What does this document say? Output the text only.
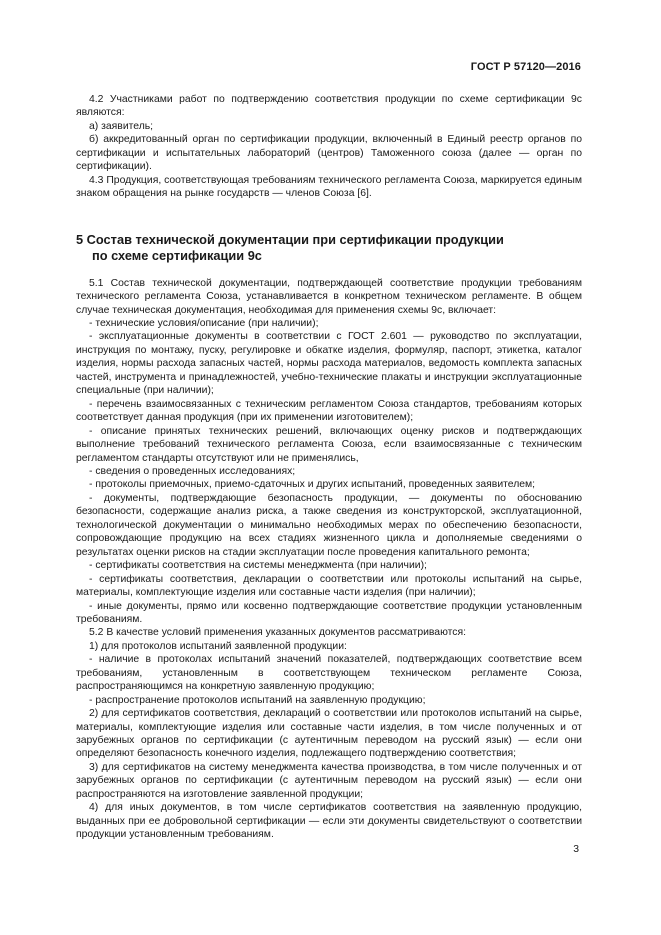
ГОСТ Р 57120—2016

4.2 Участниками работ по подтверждению соответствия продукции по схеме сертификации 9с являются:

а) заявитель;

б) аккредитованный орган по сертификации продукции, включенный в Единый реестр органов по сертификации и испытательных лабораторий (центров) Таможенного союза (далее — орган по сертификации).

4.3 Продукция, соответствующая требованиям технического регламента Союза, маркируется единым знаком обращения на рынке государств — членов Союза [6].

5 Состав технической документации при сертификации продукции
по схеме сертификации 9с

5.1 Состав технической документации, подтверждающей соответствие продукции требованиям технического регламента Союза, устанавливается в конкретном техническом регламенте. В общем случае техническая документация, необходимая для применения схемы 9с, включает:

- технические условия/описание (при наличии);

- эксплуатационные документы в соответствии с ГОСТ 2.601 — руководство по эксплуатации, инструкция по монтажу, пуску, регулировке и обкатке изделия, формуляр, паспорт, этикетка, каталог изделия, нормы расхода запасных частей, нормы расхода материалов, ведомость комплекта запасных частей, инструмента и принадлежностей, учебно-технические плакаты и инструкции эксплуатационные специальные (при наличии);

- перечень взаимосвязанных с техническим регламентом Союза стандартов, требованиям которых соответствует данная продукция (при их применении изготовителем);

- описание принятых технических решений, включающих оценку рисков и подтверждающих выполнение требований технического регламента Союза, если взаимосвязанные с техническим регламентом стандарты отсутствуют или не применялись,

- сведения о проведенных исследованиях;

- протоколы приемочных, приемо-сдаточных и других испытаний, проведенных заявителем;

- документы, подтверждающие безопасность продукции, — документы по обоснованию безопасности, содержащие анализ риска, а также сведения из конструкторской, эксплуатационной, технологической документации о минимально необходимых мерах по обеспечению безопасности, сопровождающие продукцию на всех стадиях жизненного цикла и дополняемые сведениями о результатах оценки рисков на стадии эксплуатации после проведения капитального ремонта;

- сертификаты соответствия на системы менеджмента (при наличии);

- сертификаты соответствия, декларации о соответствии или протоколы испытаний на сырье, материалы, комплектующие изделия или составные части изделия (при наличии);

- иные документы, прямо или косвенно подтверждающие соответствие продукции установленным требованиям.

5.2 В качестве условий применения указанных документов рассматриваются:

1) для протоколов испытаний заявленной продукции:

- наличие в протоколах испытаний значений показателей, подтверждающих соответствие всем требованиям, установленным в соответствующем техническом регламенте Союза, распространяющимся на конкретную заявленную продукцию;

- распространение протоколов испытаний на заявленную продукцию;

2) для сертификатов соответствия, деклараций о соответствии или протоколов испытаний на сырье, материалы, комплектующие изделия или составные части изделия, в том числе полученных и от зарубежных органов по сертификации (с аутентичным переводом на русский язык) — если они определяют безопасность конечного изделия, подлежащего подтверждению соответствия;

3) для сертификатов на систему менеджмента качества производства, в том числе полученных и от зарубежных органов по сертификации (с аутентичным переводом на русский язык) — если они распространяются на изготовление заявленной продукции;

4) для иных документов, в том числе сертификатов соответствия на заявленную продукцию, выданных при ее добровольной сертификации — если эти документы свидетельствуют о соответствии продукции установленным требованиям.

3
